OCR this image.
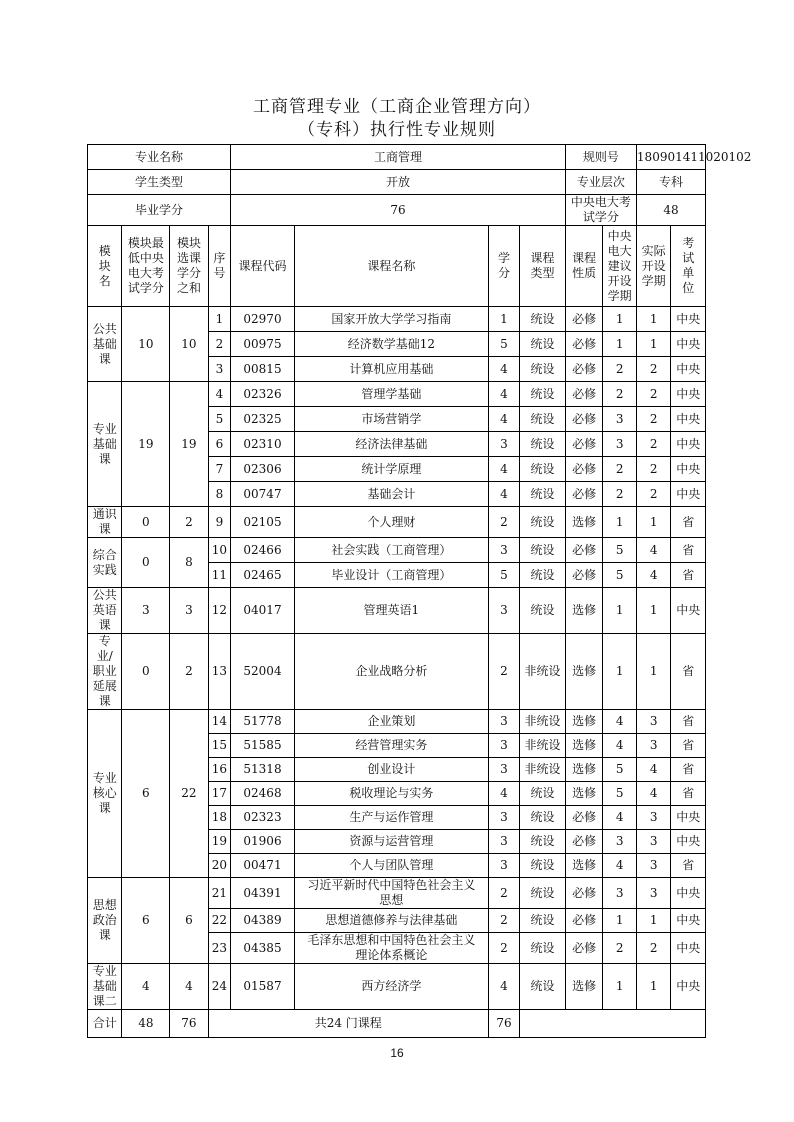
工商管理专业（工商企业管理方向）
（专科）执行性专业规则
专业名称				工商管理				规则号		180901411020102	
学生类型				开放				专业层次		专科	
毕业学分				76				中央电大考试学分		48	
模块名	模块最低中央电大考试学分	模块选课学分之和	序号	课程代码	课程名称	学分	课程类型	课程性质	中央电大建议开设学期	实际开设学期	考试单位
公共基础课	10	10	1	02970	国家开放大学学习指南	1	统设	必修	1	1	中央
			2	00975	经济数学基础12	5	统设	必修	1	1	中央
			3	00815	计算机应用基础	4	统设	必修	2	2	中央
专业基础课	19	19	4	02326	管理学基础	4	统设	必修	2	2	中央
			5	02325	市场营销学	4	统设	必修	3	2	中央
			6	02310	经济法律基础	3	统设	必修	3	2	中央
			7	02306	统计学原理	4	统设	必修	2	2	中央
			8	00747	基础会计	4	统设	必修	2	2	中央
通识课	0	2	9	02105	个人理财	2	统设	选修	1	1	省
综合实践	0	8	10	02466	社会实践（工商管理）	3	统设	必修	5	4	省
			11	02465	毕业设计（工商管理）	5	统设	必修	5	4	省
公共英语课	3	3	12	04017	管理英语1	3	统设	选修	1	1	中央
专业/职业延展课	0	2	13	52004	企业战略分析	2	非统设	选修	1	1	省
专业核心课	6	22	14	51778	企业策划	3	非统设	选修	4	3	省
			15	51585	经营管理实务	3	非统设	选修	4	3	省
			16	51318	创业设计	3	非统设	选修	5	4	省
			17	02468	税收理论与实务	4	统设	选修	5	4	省
			18	02323	生产与运作管理	3	统设	必修	4	3	中央
			19	01906	资源与运营管理	3	统设	必修	3	3	中央
			20	00471	个人与团队管理	3	统设	选修	4	3	省
思想政治课	6	6	21	04391	习近平新时代中国特色社会主义思想	2	统设	必修	3	3	中央
			22	04389	思想道德修养与法律基础	2	统设	必修	1	1	中央
			23	04385	毛泽东思想和中国特色社会主义理论体系概论	2	统设	必修	2	2	中央
专业基础课二	4	4	24	01587	西方经济学	4	统设	选修	1	1	中央
合计	48	76	共24 门课程			76					
16
